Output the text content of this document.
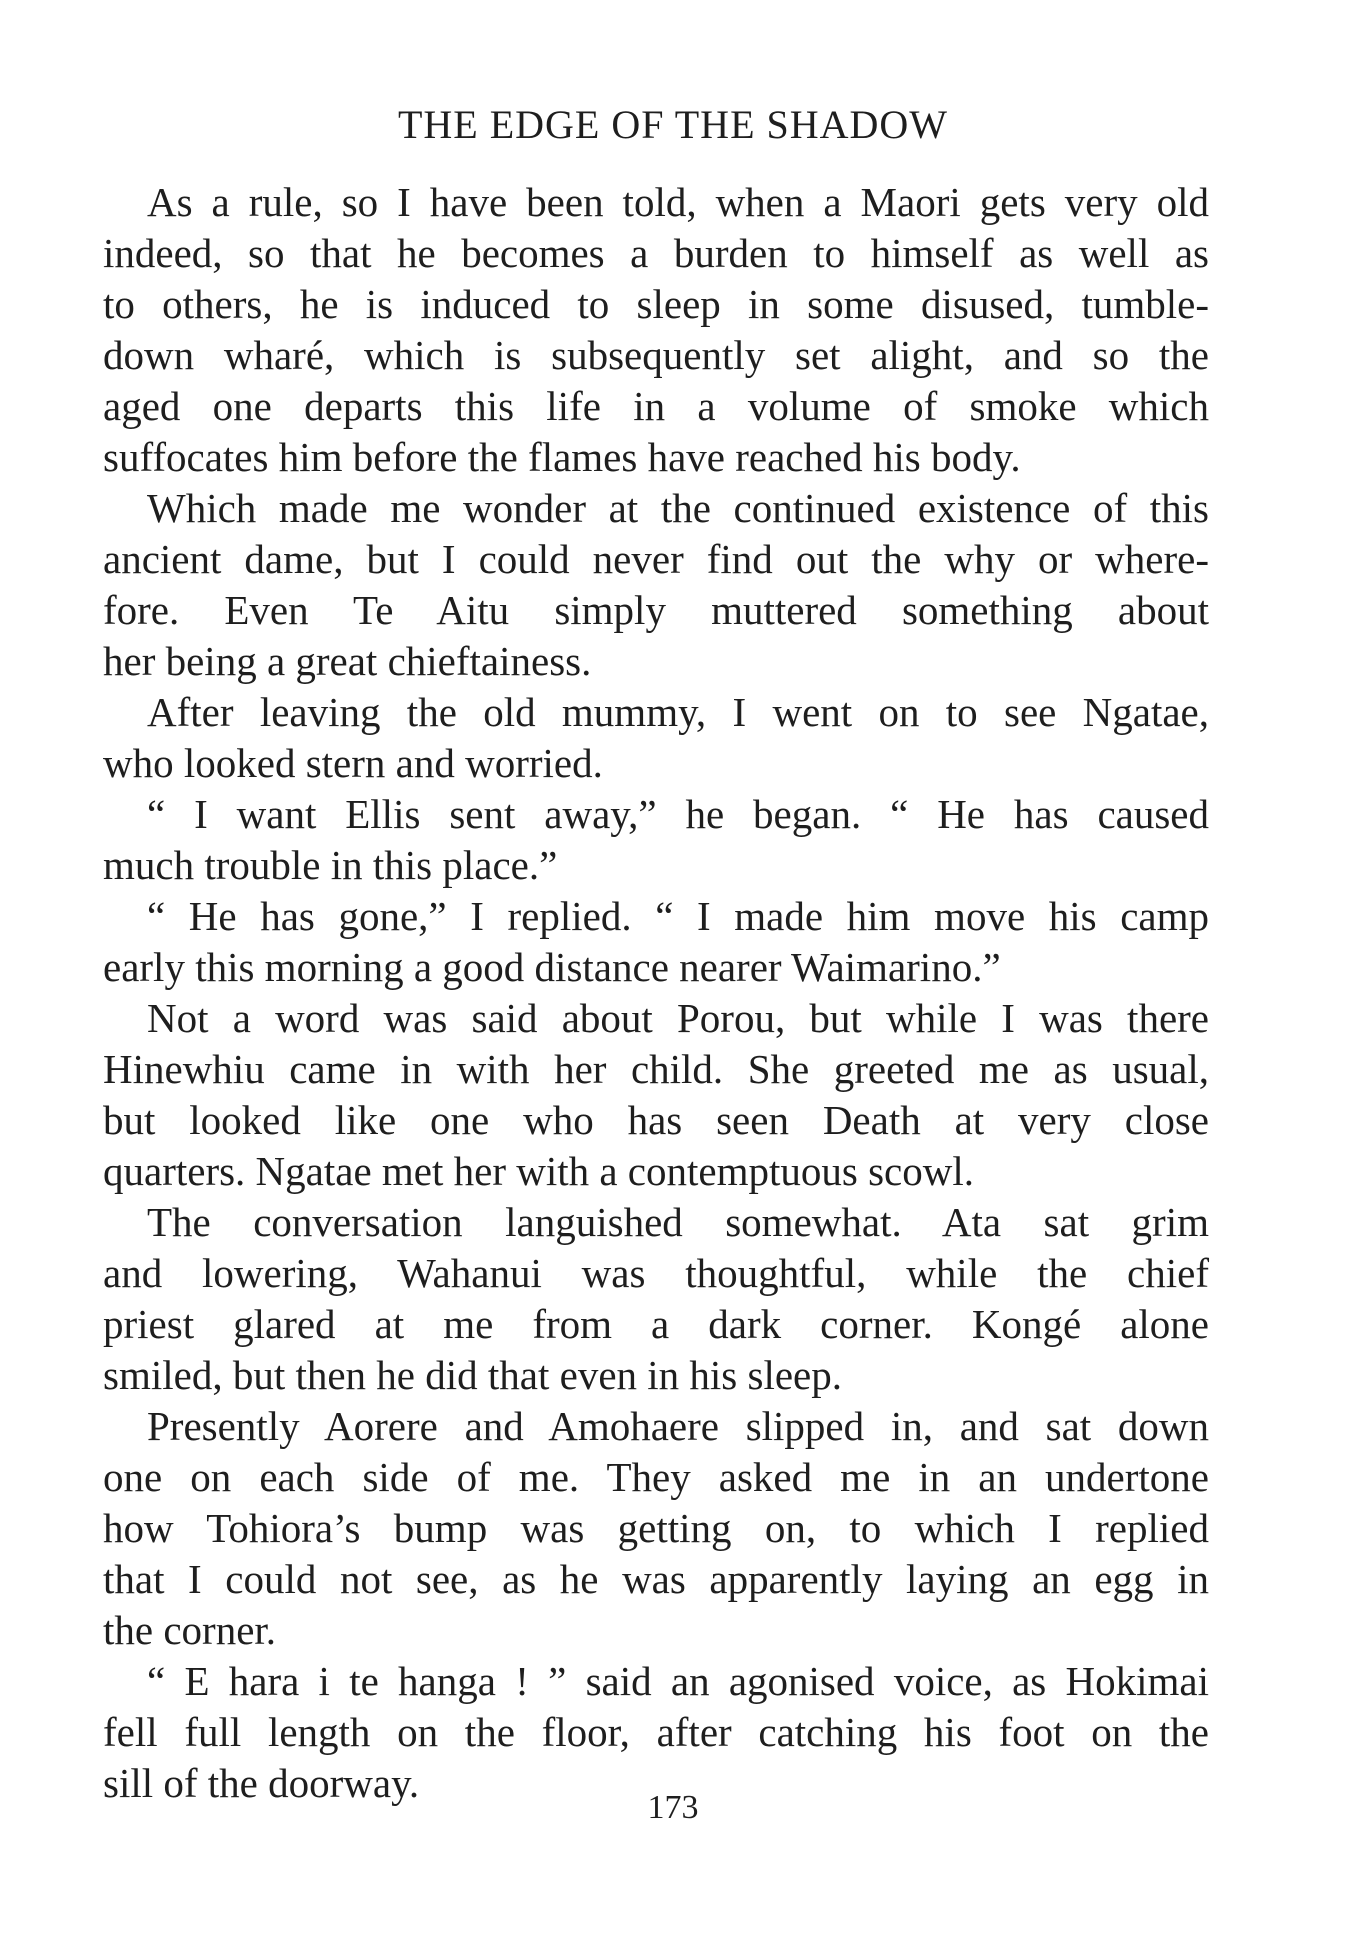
THE EDGE OF THE SHADOW
As a rule, so I have been told, when a Maori gets very old
indeed, so that he becomes a burden to himself as well as
to others, he is induced to sleep in some disused, tumble-
down wharé, which is subsequently set alight, and so the
aged one departs this life in a volume of smoke which
suffocates him before the flames have reached his body.
Which made me wonder at the continued existence of this
ancient dame, but I could never find out the why or where-
fore. Even Te Aitu simply muttered something about
her being a great chieftainess.
After leaving the old mummy, I went on to see Ngatae,
who looked stern and worried.
“ I want Ellis sent away,” he began. “ He has caused
much trouble in this place.”
“ He has gone,” I replied. “ I made him move his camp
early this morning a good distance nearer Waimarino.”
Not a word was said about Porou, but while I was there
Hinewhiu came in with her child. She greeted me as usual,
but looked like one who has seen Death at very close
quarters. Ngatae met her with a contemptuous scowl.
The conversation languished somewhat. Ata sat grim
and lowering, Wahanui was thoughtful, while the chief
priest glared at me from a dark corner. Kongé alone
smiled, but then he did that even in his sleep.
Presently Aorere and Amohaere slipped in, and sat down
one on each side of me. They asked me in an undertone
how Tohiora’s bump was getting on, to which I replied
that I could not see, as he was apparently laying an egg in
the corner.
“ E hara i te hanga ! ” said an agonised voice, as Hokimai
fell full length on the floor, after catching his foot on the
sill of the doorway.
173
